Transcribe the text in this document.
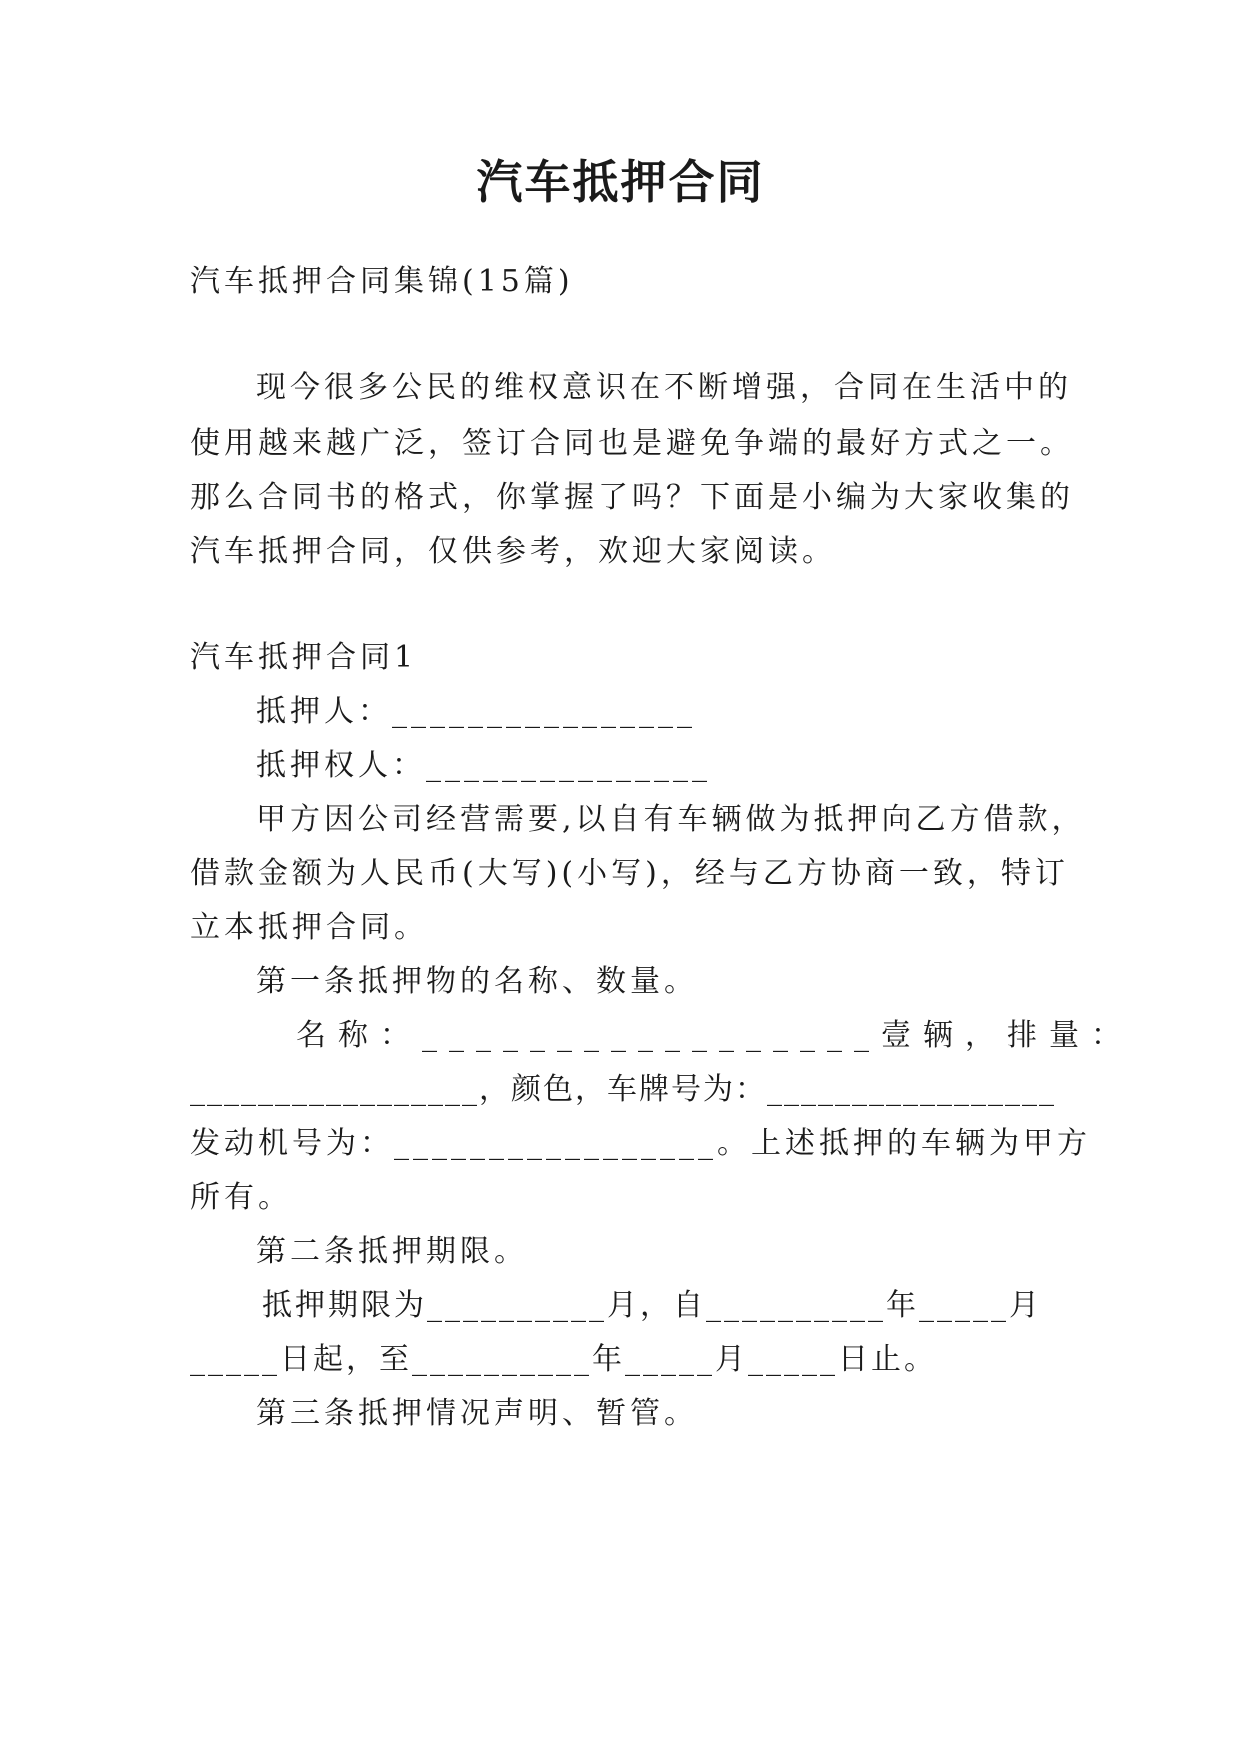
汽车抵押合同

汽车抵押合同集锦(15篇)

现今很多公民的维权意识在不断增强，合同在生活中的

使用越来越广泛，签订合同也是避免争端的最好方式之一。

那么合同书的格式，你掌握了吗？下面是小编为大家收集的

汽车抵押合同，仅供参考，欢迎大家阅读。

汽车抵押合同1

抵押人：________________

抵押权人：_______________

甲方因公司经营需要,以自有车辆做为抵押向乙方借款，

借款金额为人民币(大写)(小写)，经与乙方协商一致，特订

立本抵押合同。

第一条抵押物的名称、数量。

名称：_________________壹辆，排量：

_________________，颜色，车牌号为：_________________

发动机号为：_________________。上述抵押的车辆为甲方

所有。

第二条抵押期限。

抵押期限为__________月，自__________年_____月

_____日起，至__________年_____月_____日止。

第三条抵押情况声明、暂管。
